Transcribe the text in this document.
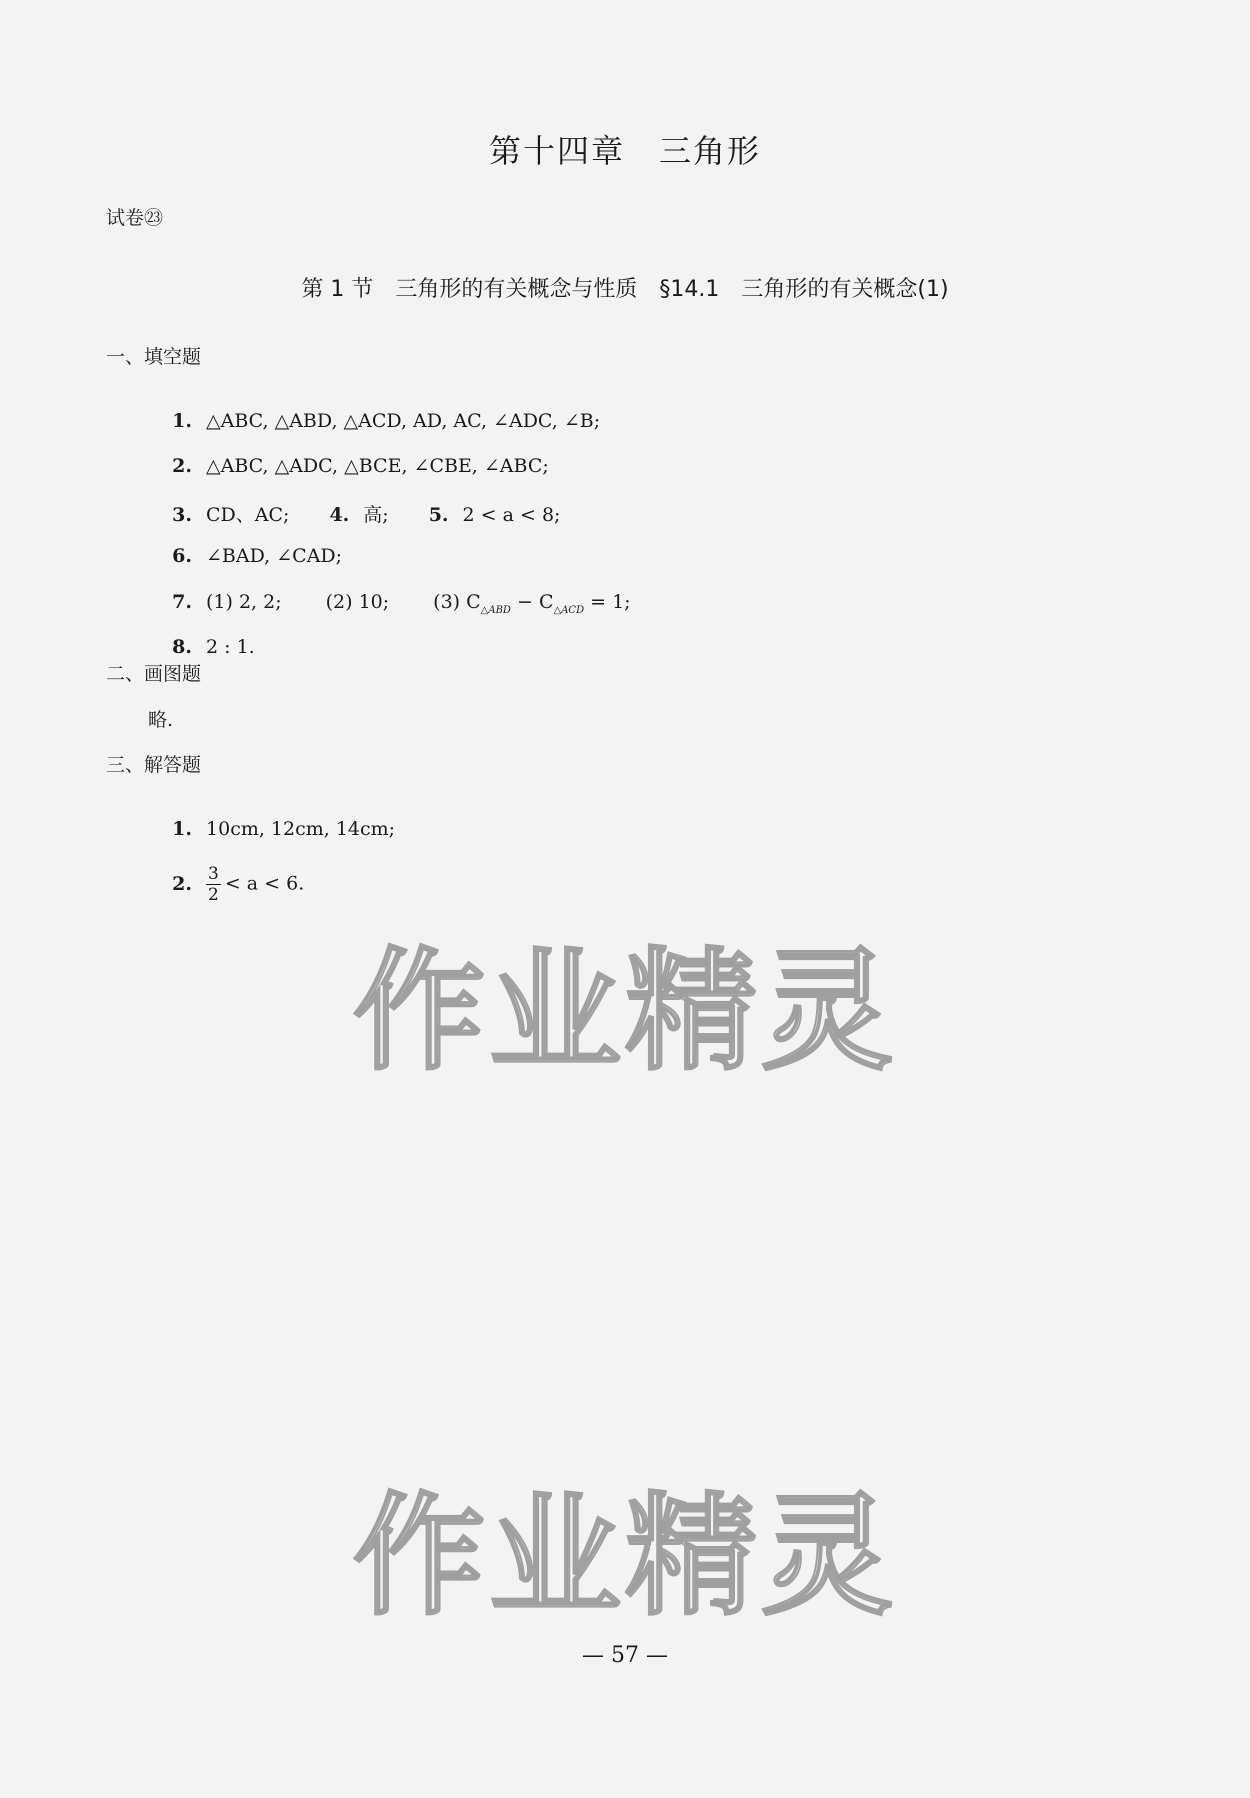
第十四章　三角形
试卷㉓
第 1 节　三角形的有关概念与性质　§14.1　三角形的有关概念(1)
一、填空题

1. △ABC, △ABD, △ACD, AD, AC, ∠ADC, ∠B;

2. △ABC, △ADC, △BCE, ∠CBE, ∠ABC;

3. CD、AC; 4. 高; 5. 2 < a < 8;

6. ∠BAD, ∠CAD;

7. (1) 2, 2; (2) 10; (3) $C_{\triangle ABD} - C_{\triangle ACD} = 1$;

8. 2 : 1.

二、画图题
略.
三、解答题

1. 10cm, 12cm, 14cm;

2. $\frac{3}{2} < a < 6$.

作业精灵
作业精灵
— 57 —
